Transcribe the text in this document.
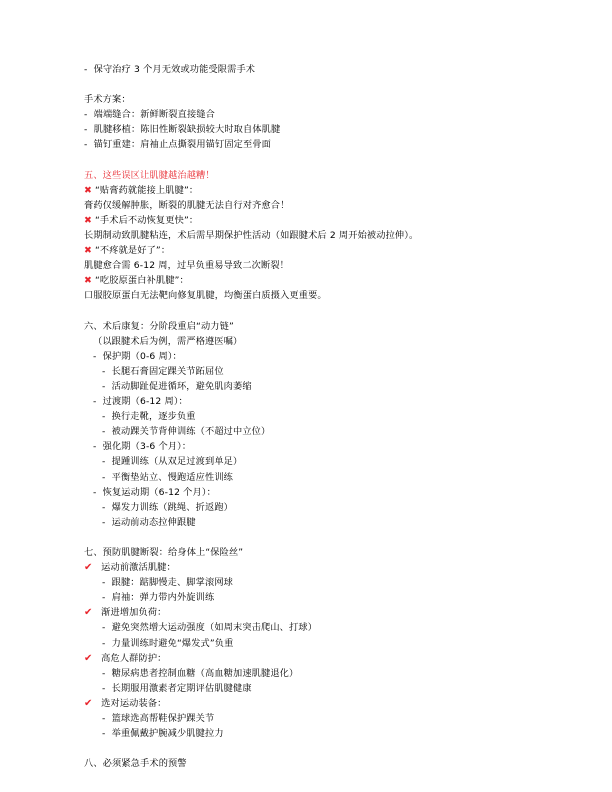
-  保守治疗 3 个月无效或功能受限需手术
手术方案：
-  端端缝合：新鲜断裂直接缝合
-  肌腱移植：陈旧性断裂缺损较大时取自体肌腱
-  锚钉重建：肩袖止点撕裂用锚钉固定至骨面
五、这些误区让肌腱越治越糟！
✖ “贴膏药就能接上肌腱”：
膏药仅缓解肿胀，断裂的肌腱无法自行对齐愈合！
✖ “手术后不动恢复更快”：
长期制动致肌腱粘连，术后需早期保护性活动（如跟腱术后 2 周开始被动拉伸）。
✖ “不疼就是好了”：
肌腱愈合需 6-12 周，过早负重易导致二次断裂！
✖ “吃胶原蛋白补肌腱”：
口服胶原蛋白无法靶向修复肌腱，均衡蛋白质摄入更重要。
六、术后康复：分阶段重启“动力链”
（以跟腱术后为例，需严格遵医嘱）
-  保护期（0-6 周）：
-  长腿石膏固定踝关节跖屈位
-  活动脚趾促进循环，避免肌肉萎缩
-  过渡期（6-12 周）：
-  换行走靴，逐步负重
-  被动踝关节背伸训练（不超过中立位）
-  强化期（3-6 个月）：
-  提踵训练（从双足过渡到单足）
-  平衡垫站立、慢跑适应性训练
-  恢复运动期（6-12 个月）：
-  爆发力训练（跳绳、折返跑）
-  运动前动态拉伸跟腱
七、预防肌腱断裂：给身体上“保险丝”
✔  运动前激活肌腱：
-  跟腱：踮脚慢走、脚掌滚网球
-  肩袖：弹力带内外旋训练
✔  渐进增加负荷：
-  避免突然增大运动强度（如周末突击爬山、打球）
-  力量训练时避免“爆发式”负重
✔  高危人群防护：
-  糖尿病患者控制血糖（高血糖加速肌腱退化）
-  长期服用激素者定期评估肌腱健康
✔  选对运动装备：
-  篮球选高帮鞋保护踝关节
-  举重佩戴护腕减少肌腱拉力
八、必须紧急手术的预警
